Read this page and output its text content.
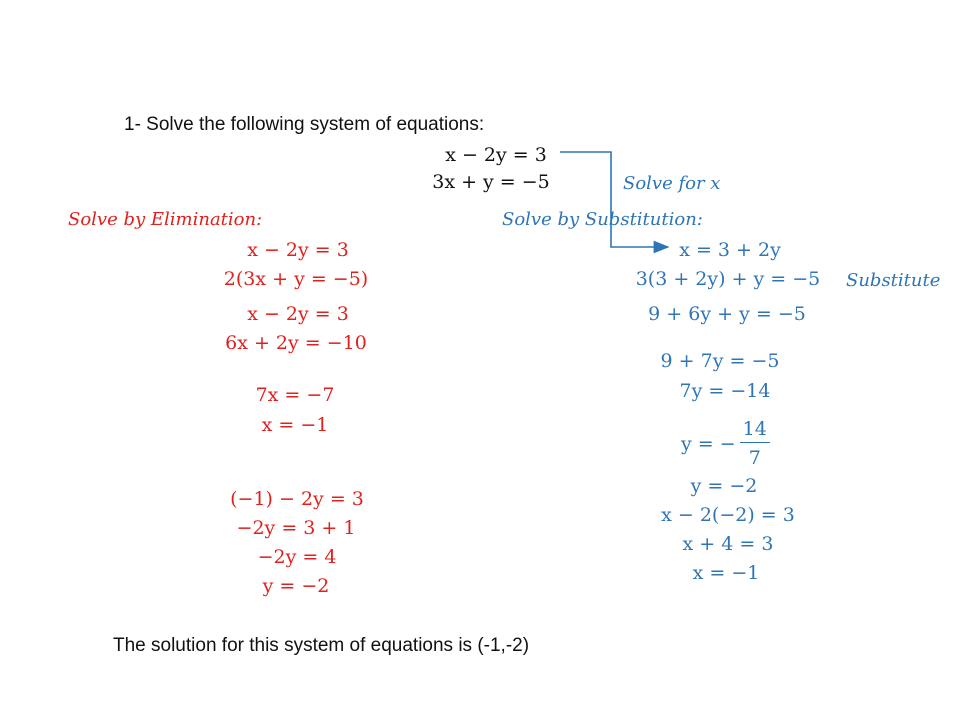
1- Solve the following system of equations:
x − 2y = 3
3x + y = −5
Solve by Elimination:
x − 2y = 3
2(3x + y = −5)
x − 2y = 3
6x + 2y = −10
7x = −7
x = −1
(−1) − 2y = 3
−2y = 3 + 1
−2y = 4
y = −2
Solve for x
Solve by Substitution:
x = 3 + 2y
3(3 + 2y) + y = −5 Substitute
9 + 6y + y = −5
9 + 7y = −5
7y = −14
y = − $\frac{14}{7}$
y = −2
x − 2(−2) = 3
x + 4 = 3
x = −1
The solution for this system of equations is (-1,-2)
